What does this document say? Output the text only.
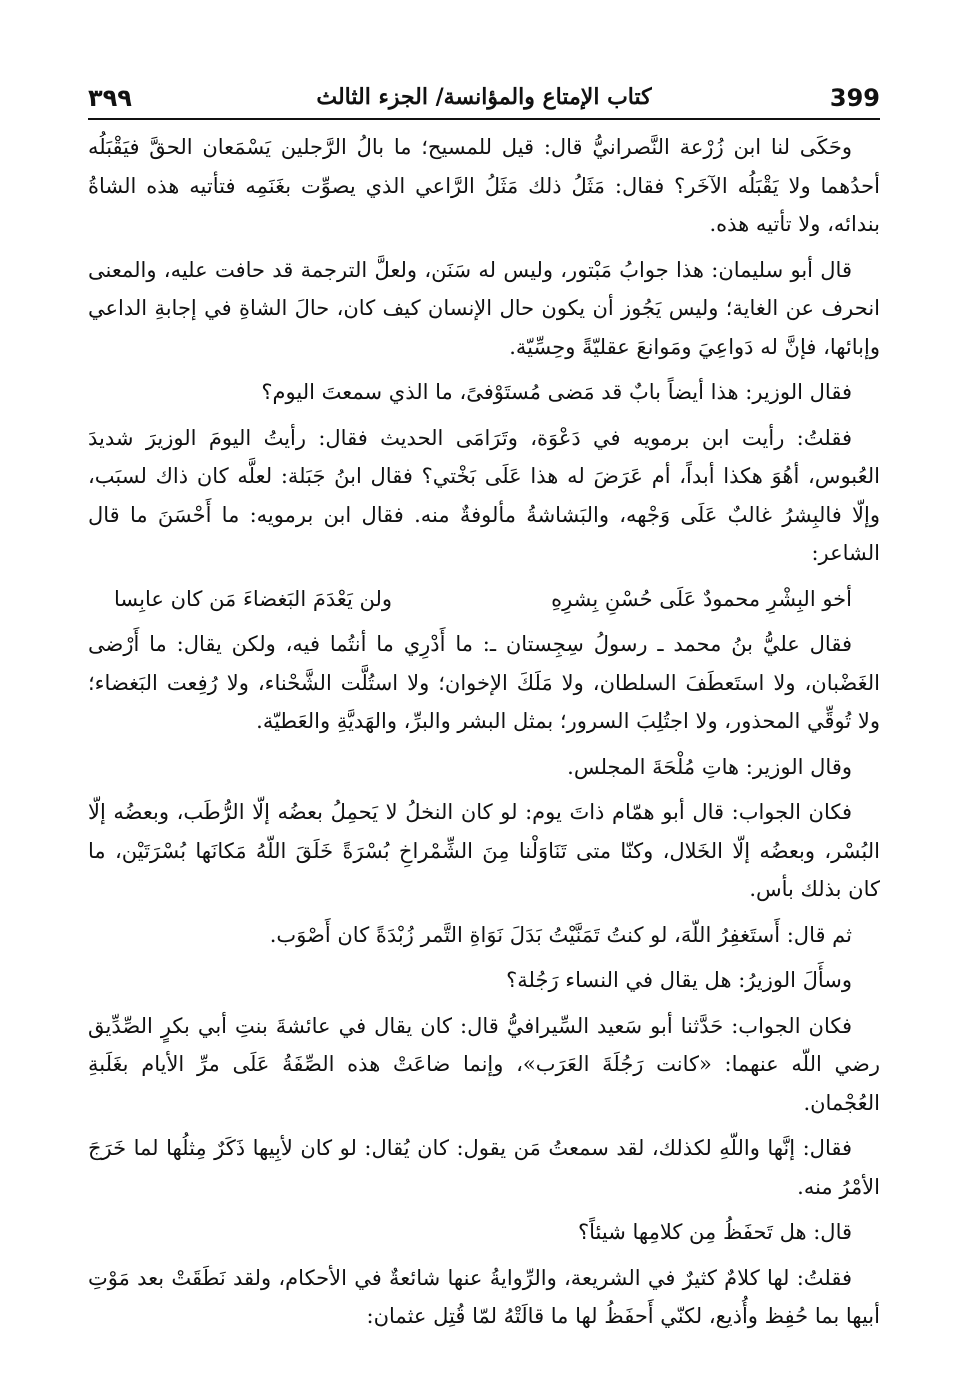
٣٩٩	كتاب الإمتاع والمؤانسة/ الجزء الثالث	399

وحَكَى لنا ابن زُرْعة النَّصرانيُّ قال: قيل للمسيح؛ ما بالُ الرَّجلين يَسْمَعان الحقَّ فيَقْبَلُه أحدُهما ولا يَقْبَلُه الآخَر؟ فقال: مَثَلُ ذلك مَثَلُ الرَّاعي الذي يصوِّت بغَنَمِه فتأتيه هذه الشاةُ بندائه، ولا تأتيه هذه.

قال أبو سليمان: هذا جوابُ مَبْتور، وليس له سَنَن، ولعلَّ الترجمة قد حافت عليه، والمعنى انحرف عن الغاية؛ وليس يَجُوز أن يكون حال الإنسان كيف كان، حالَ الشاةِ في إجابةِ الداعي وإبائها، فإنَّ له دَواعِيَ ومَوانعَ عقليّةً وحِسِّيّة.

فقال الوزير: هذا أيضاً بابٌ قد مَضى مُستَوْفىً، ما الذي سمعتَ اليوم؟

فقلتُ: رأيت ابن برمويه في دَعْوَة، وتَرَامَى الحديث فقال: رأيتُ اليومَ الوزيرَ شديدَ العُبوس، أهُوَ هكذا أبداً، أم عَرَضَ له هذا عَلَى بَخْتي؟ فقال ابنُ جَبَلة: لعلَّه كان ذاك لسبَب، وإلّا فالبِشرُ غالبٌ عَلَى وَجْهه، والبَشاشةُ مألوفةٌ منه. فقال ابن برمويه: ما أَحْسَنَ ما قال الشاعر:

أخو البِشْرِ محمودٌ عَلَى حُسْنِ بِشرِهِ
ولن يَعْدَمَ البَغضاءَ مَن كان عابِسا

فقال عليُّ بنُ محمد ـ رسولُ سِجِستان ـ: ما أَدْرِي ما أنتُما فيه، ولكن يقال: ما أَرْضى الغَضْبان، ولا استَعطَفَ السلطان، ولا مَلَكَ الإخوان؛ ولا استُلَّت الشَّحْناء، ولا رُفِعت البَغضاء؛ ولا تُوقِّي المحذور، ولا اجتُلِبَ السرور؛ بمثل البشر والبرِّ، والهَديَّةِ والعَطيّة.

وقال الوزير: هاتِ مُلْحَةَ المجلس.

فكان الجواب: قال أبو همّام ذاتَ يوم: لو كان النخلُ لا يَحمِلُ بعضُه إلّا الرُّطَب، وبعضُه إلّا البُسْر، وبعضُه إلّا الخَلال، وكنّا متى تَنَاوَلْنا مِنَ الشِّمْراخِ بُسْرَةً خَلَقَ اللّهُ مَكانَها بُسْرَتَيْن، ما كان بذلك بأس.

ثم قال: أَستَغفِرُ اللّهَ، لو كنتُ تَمَنَّيْتُ بَدَلَ نَوَاةِ التَّمر زُبْدَةً كان أَصْوَب.

وسأَلَ الوزيرُ: هل يقال في النساء رَجُلة؟

فكان الجواب: حَدَّثنا أبو سَعيد السِّيرافيُّ قال: كان يقال في عائشةَ بنتِ أبي بكرٍ الصِّدِّيق رضي اللّه عنهما: «كانت رَجُلَةَ العَرَب»، وإنما ضاعَتْ هذه الصِّفَةُ عَلَى مرِّ الأيام بغَلَبةِ العُجْمان.

فقال: إنَّها واللّهِ لكذلك، لقد سمعتُ مَن يقول: كان يُقال: لو كان لأبِيها ذَكَرٌ مِثلُها لما خَرَجَ الأمْرُ منه.

قال: هل تَحفَظُ مِن كلامِها شيئاً؟

فقلتُ: لها كلامٌ كثيرٌ في الشريعة، والرِّوايةُ عنها شائعةٌ في الأحكام، ولقد نَطَقَتْ بعد مَوْتِ أبيها بما حُفِظ وأُذيع، لكنّي أَحفَظُ لها ما قالَتْهُ لمّا قُتِل عثمان:
